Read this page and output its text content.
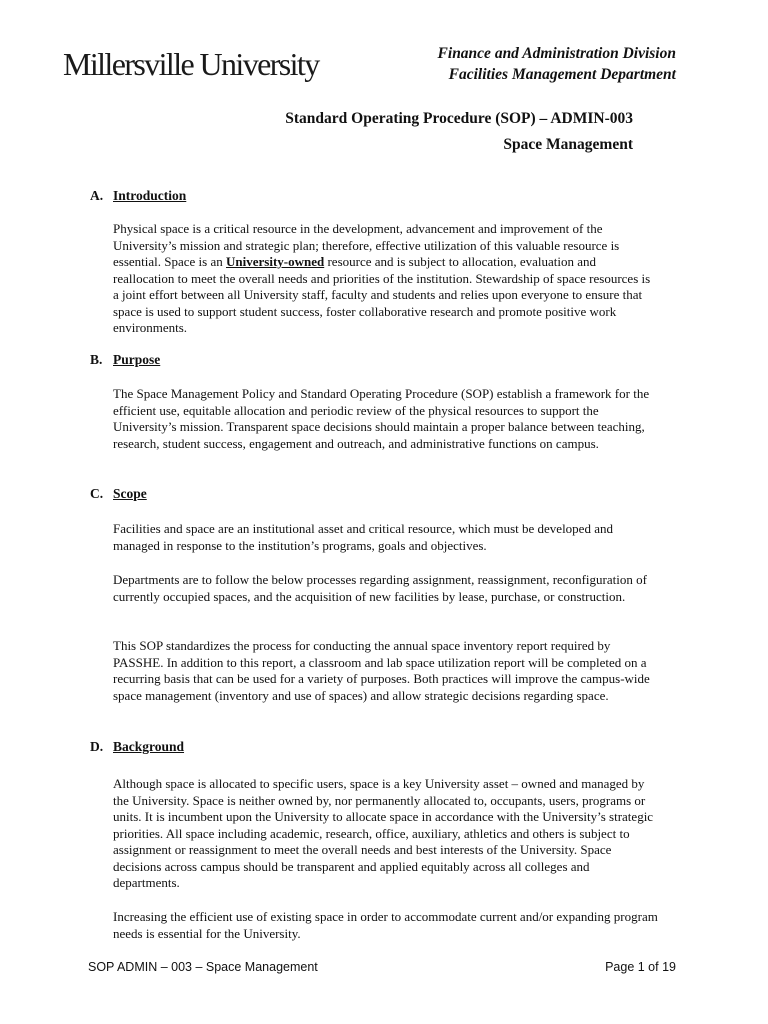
Millersville University	Finance and Administration Division
Facilities Management Department
Standard Operating Procedure (SOP) – ADMIN-003
Space Management
A. Introduction
Physical space is a critical resource in the development, advancement and improvement of the University’s mission and strategic plan; therefore, effective utilization of this valuable resource is essential. Space is an University-owned resource and is subject to allocation, evaluation and reallocation to meet the overall needs and priorities of the institution. Stewardship of space resources is a joint effort between all University staff, faculty and students and relies upon everyone to ensure that space is used to support student success, foster collaborative research and promote positive work environments.
B. Purpose
The Space Management Policy and Standard Operating Procedure (SOP) establish a framework for the efficient use, equitable allocation and periodic review of the physical resources to support the University’s mission. Transparent space decisions should maintain a proper balance between teaching, research, student success, engagement and outreach, and administrative functions on campus.
C. Scope
Facilities and space are an institutional asset and critical resource, which must be developed and managed in response to the institution’s programs, goals and objectives.
Departments are to follow the below processes regarding assignment, reassignment, reconfiguration of currently occupied spaces, and the acquisition of new facilities by lease, purchase, or construction.
This SOP standardizes the process for conducting the annual space inventory report required by PASSHE. In addition to this report, a classroom and lab space utilization report will be completed on a recurring basis that can be used for a variety of purposes. Both practices will improve the campus-wide space management (inventory and use of spaces) and allow strategic decisions regarding space.
D. Background
Although space is allocated to specific users, space is a key University asset – owned and managed by the University. Space is neither owned by, nor permanently allocated to, occupants, users, programs or units. It is incumbent upon the University to allocate space in accordance with the University’s strategic priorities. All space including academic, research, office, auxiliary, athletics and others is subject to assignment or reassignment to meet the overall needs and best interests of the University. Space decisions across campus should be transparent and applied equitably across all colleges and departments.
Increasing the efficient use of existing space in order to accommodate current and/or expanding program needs is essential for the University.
SOP ADMIN – 003 – Space Management	Page 1 of 19
